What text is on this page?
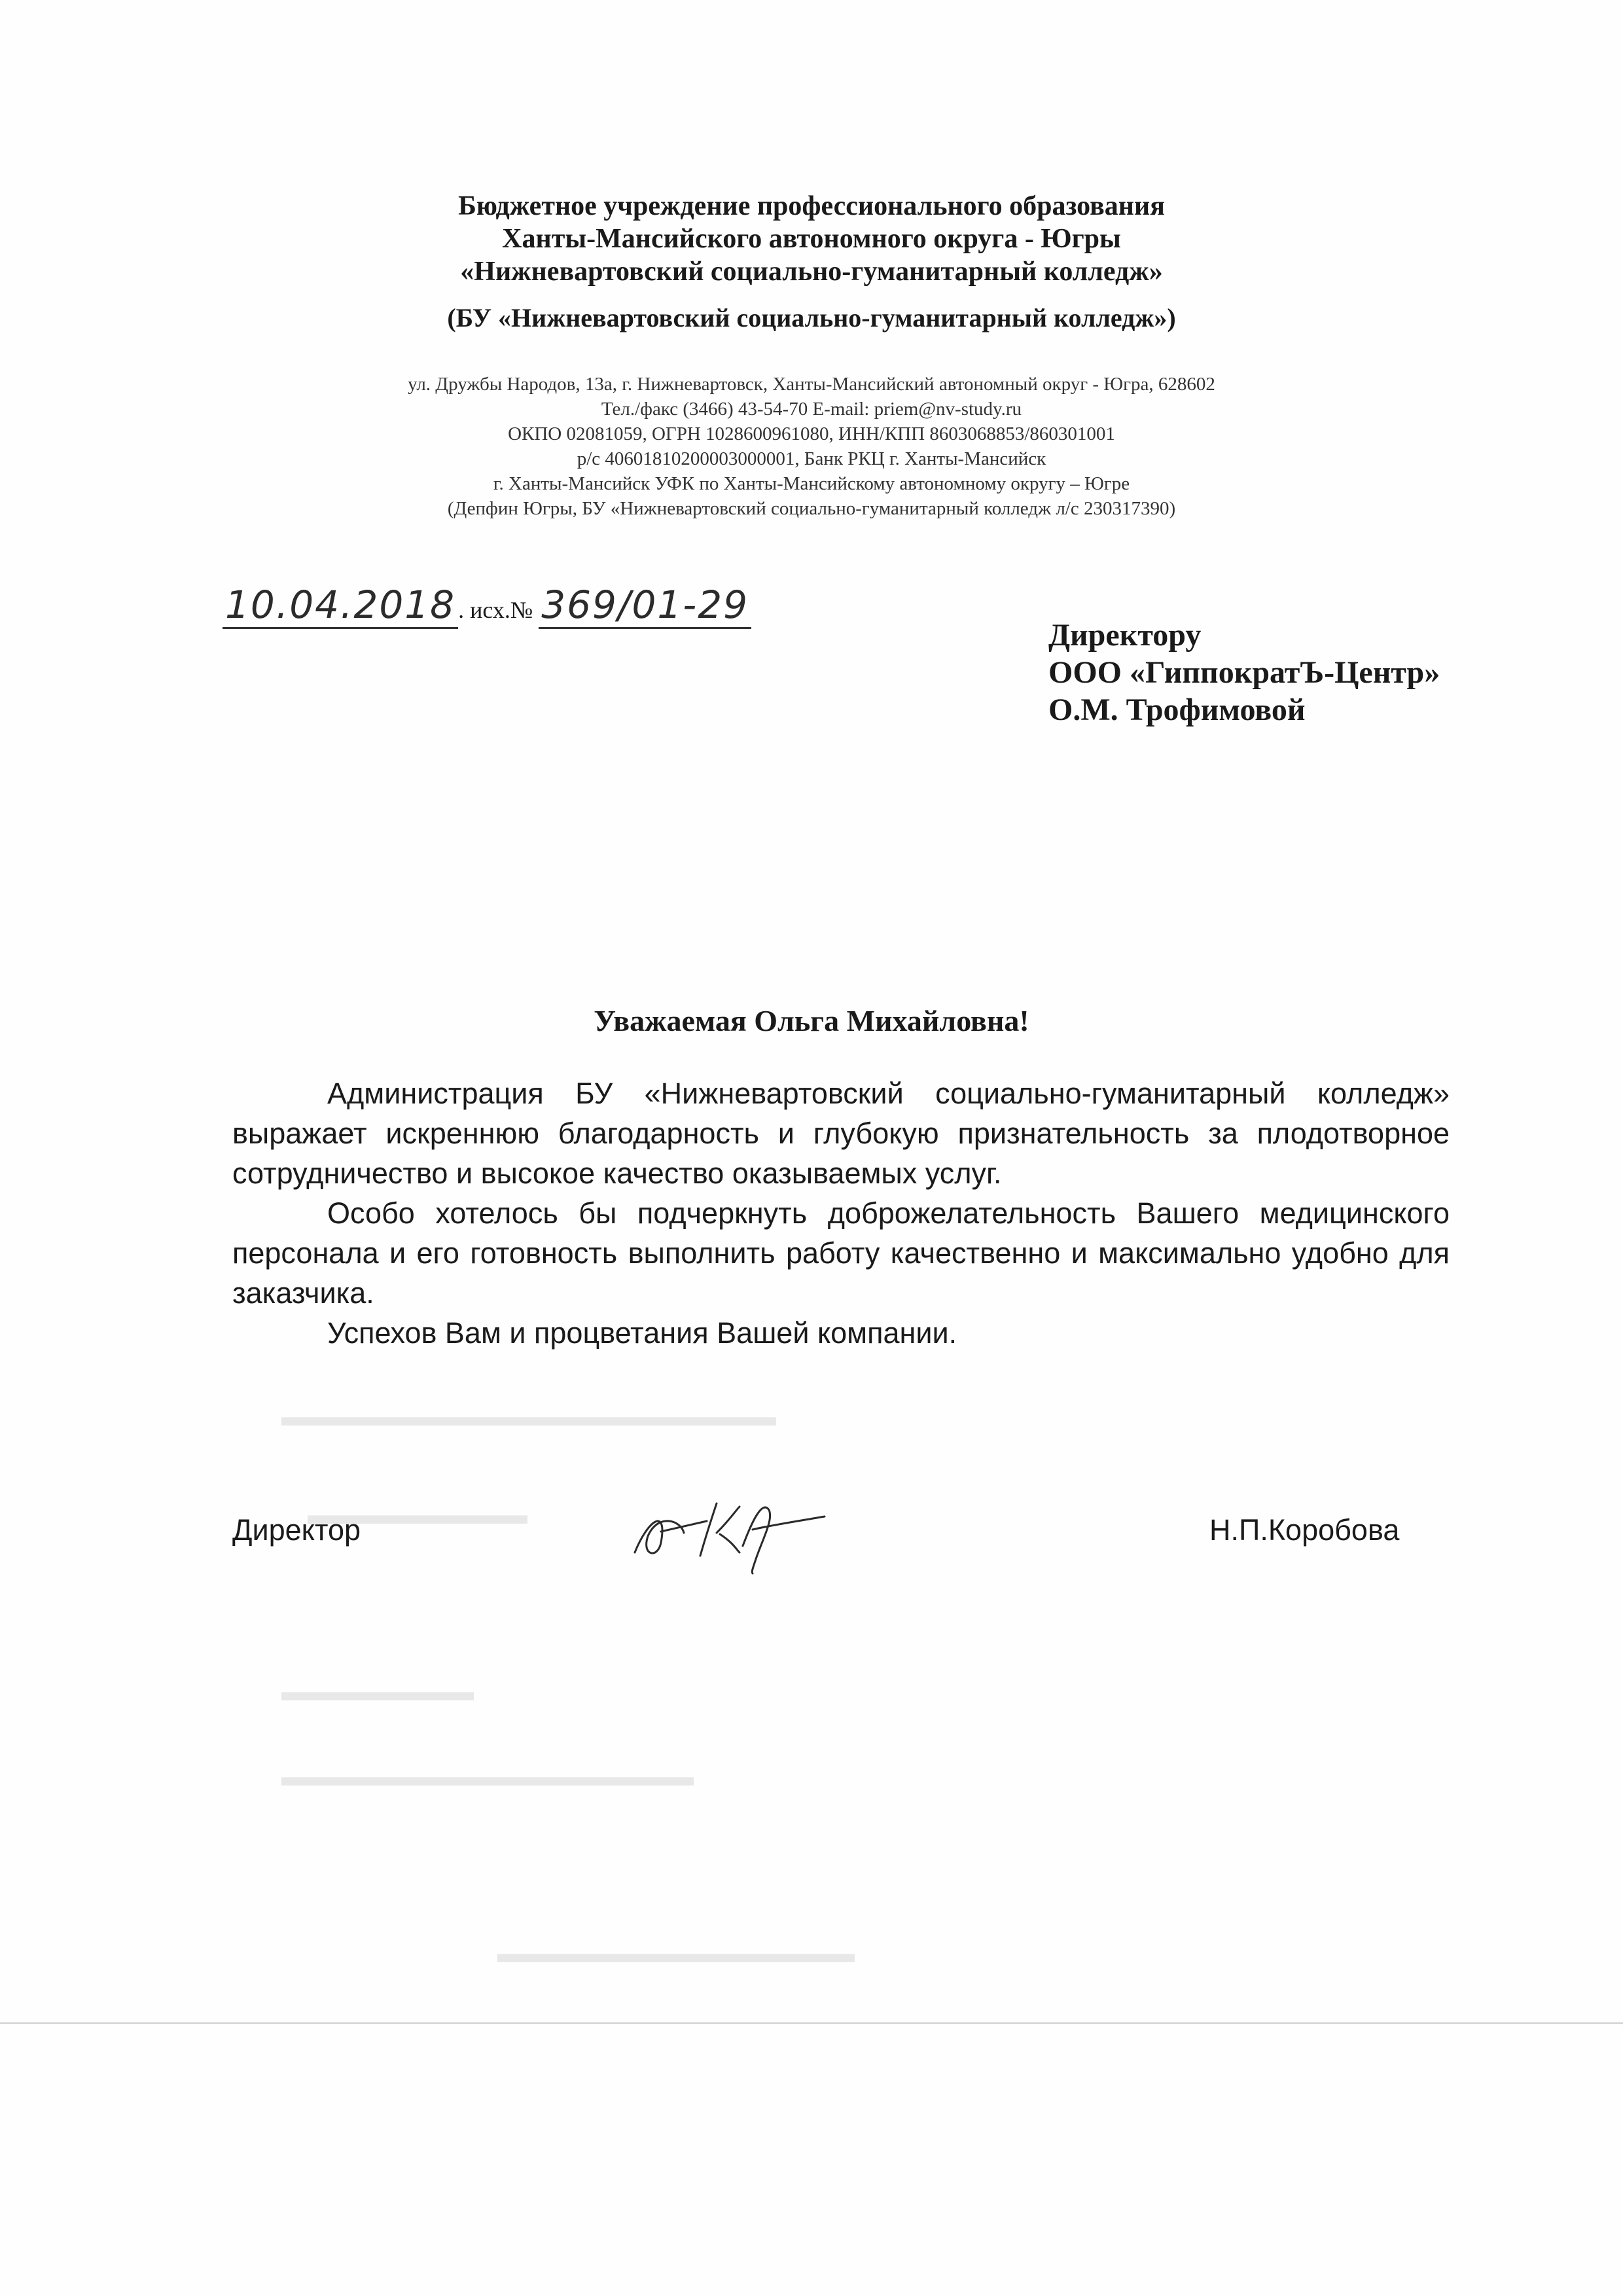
▬▬▬▬▬▬▬▬▬▬▬▬▬▬▬▬▬▬
▬▬▬▬▬▬▬▬
▬▬▬▬▬▬▬
▬▬▬▬▬▬▬▬▬▬▬▬▬▬▬
▬▬▬▬▬▬▬▬▬▬▬▬▬
Бюджетное учреждение профессионального образования
Ханты-Мансийского автономного округа - Югры
«Нижневартовский социально-гуманитарный колледж»
(БУ «Нижневартовский социально-гуманитарный колледж»)
ул. Дружбы Народов, 13а, г. Нижневартовск, Ханты-Мансийский автономный округ - Югра, 628602
Тел./факс (3466) 43-54-70 E-mail: priem@nv-study.ru
ОКПО 02081059, ОГРН 1028600961080, ИНН/КПП 8603068853/860301001
р/с 40601810200003000001, Банк РКЦ г. Ханты-Мансийск
г. Ханты-Мансийск УФК по Ханты-Мансийскому автономному округу – Югре
(Депфин Югры, БУ «Нижневартовский социально-гуманитарный колледж л/с 230317390)
10.04.2018 . исх.№ 369/01-29
Директору
ООО «ГиппократЪ-Центр»
О.М. Трофимовой
Уважаемая Ольга Михайловна!

Администрация БУ «Нижневартовский социально-гуманитарный колледж» выражает искреннюю благодарность и глубокую признательность за плодотворное сотрудничество и высокое качество оказываемых услуг.

Особо хотелось бы подчеркнуть доброжелательность Вашего медицинского персонала и его готовность выполнить работу качественно и максимально удобно для заказчика.

Успехов Вам и процветания Вашей компании.

Директор	Н.П.Коробова
